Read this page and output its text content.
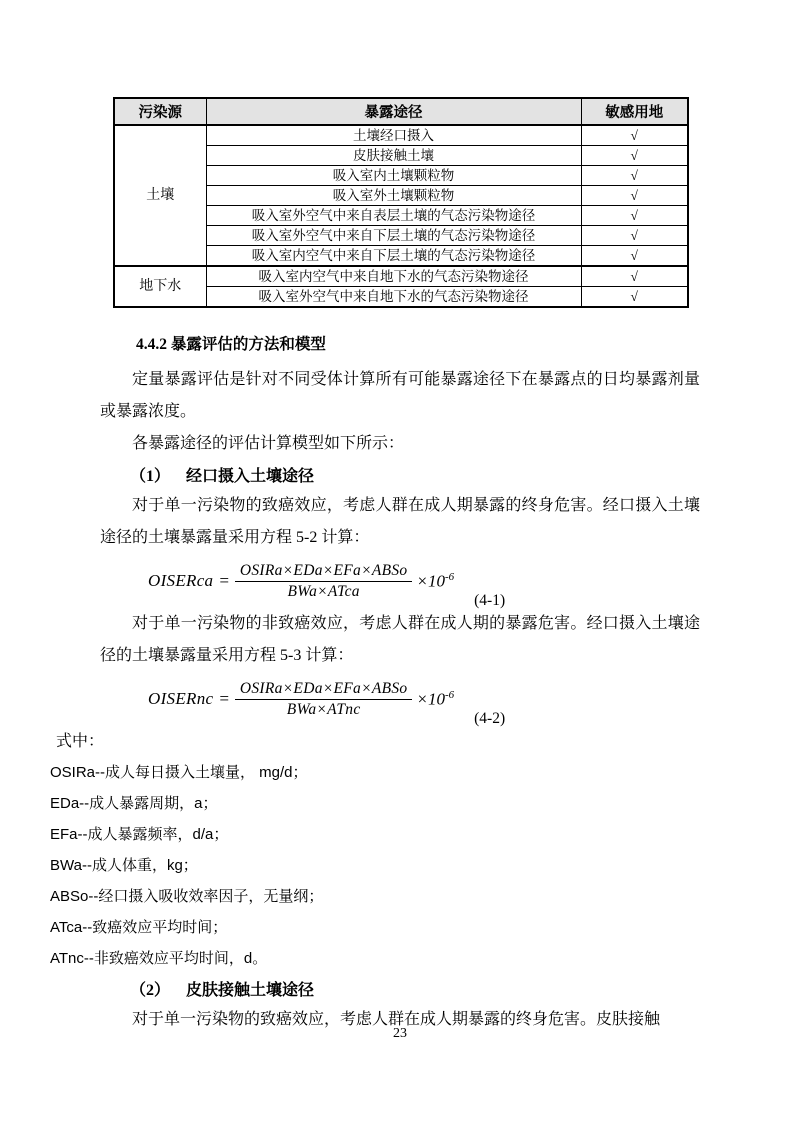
污染源	暴露途径	敏感用地
土壤	土壤经口摄入	√
	皮肤接触土壤	√
	吸入室内土壤颗粒物	√
	吸入室外土壤颗粒物	√
	吸入室外空气中来自表层土壤的气态污染物途径	√
	吸入室外空气中来自下层土壤的气态污染物途径	√
	吸入室内空气中来自下层土壤的气态污染物途径	√
地下水	吸入室内空气中来自地下水的气态污染物途径	√
	吸入室外空气中来自地下水的气态污染物途径	√
4.4.2 暴露评估的方法和模型

定量暴露评估是针对不同受体计算所有可能暴露途径下在暴露点的日均暴露剂量或暴露浓度。

各暴露途径的评估计算模型如下所示：

（1） 经口摄入土壤途径

对于单一污染物的致癌效应，考虑人群在成人期暴露的终身危害。经口摄入土壤途径的土壤暴露量采用方程 5-2 计算：

OISERca = $\frac{\text{OSIRa×EDa×EFa×ABSo}}{\text{BWa×ATca}} \times 10^{-6}$
(4-1)

对于单一污染物的非致癌效应，考虑人群在成人期的暴露危害。经口摄入土壤途径的土壤暴露量采用方程 5-3 计算：

OISERnc = $\frac{\text{OSIRa×EDa×EFa×ABSo}}{\text{BWa×ATnc}} \times 10^{-6}$
(4-2)
式中：
OSIRa--成人每日摄入土壤量， mg/d；
EDa--成人暴露周期，a；
EFa--成人暴露频率，d/a；
BWa--成人体重，kg；
ABSo--经口摄入吸收效率因子，无量纲；
ATca--致癌效应平均时间；
ATnc--非致癌效应平均时间，d。
（2） 皮肤接触土壤途径

对于单一污染物的致癌效应，考虑人群在成人期暴露的终身危害。皮肤接触

23
